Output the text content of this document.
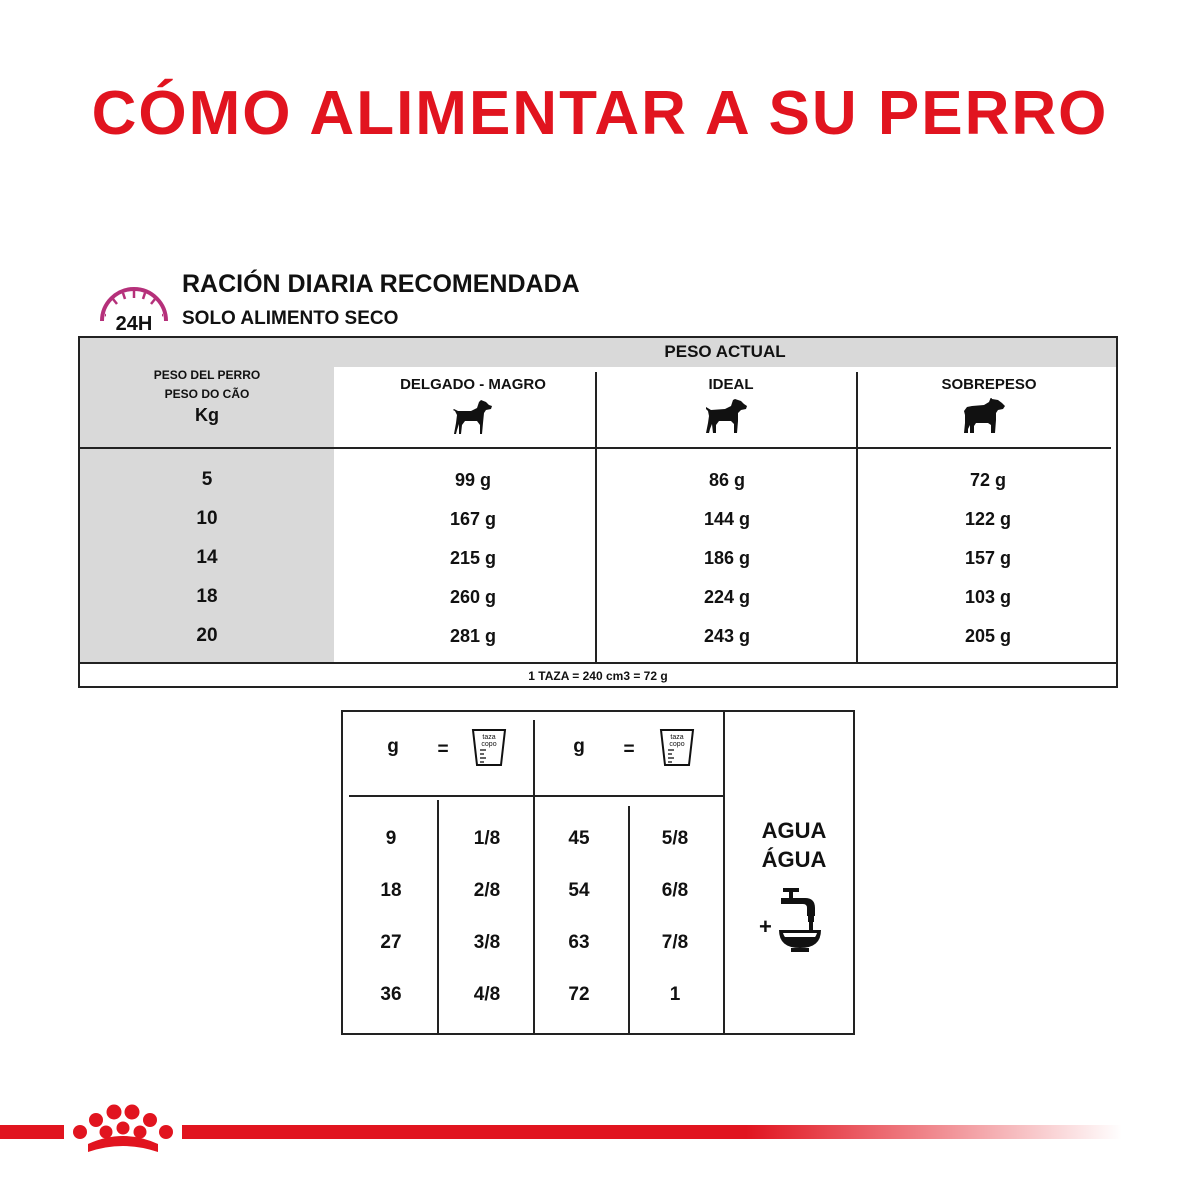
CÓMO ALIMENTAR A SU PERRO
24H
RACIÓN DIARIA RECOMENDADA
SOLO ALIMENTO SECO
PESO ACTUAL
PESO DEL PERRO
PESO DO CÃO
Kg
DELGADO - MAGRO	IDEAL	SOBREPESO
5	99 g	86 g	72 g
10	167 g	144 g	122 g
14	215 g	186 g	157 g
18	260 g	224 g	103 g
20	281 g	243 g	205 g
1 TAZA = 240 cm3 = 72 g
g	=
taza
copo	g	=
taza
copo
9	1/8	45	5/8
18	2/8	54	6/8
27	3/8	63	7/8
36	4/8	72	1
AGUA
ÁGUA
+
